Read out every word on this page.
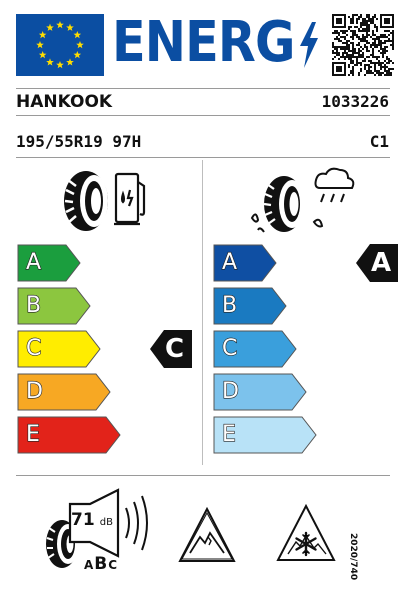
ENERG
HANKOOK	1033226
195/55R19 97H	C1
A
B
C
D
E
A
B
C
D
E
C
A
71 dB
ABC	2020/740
